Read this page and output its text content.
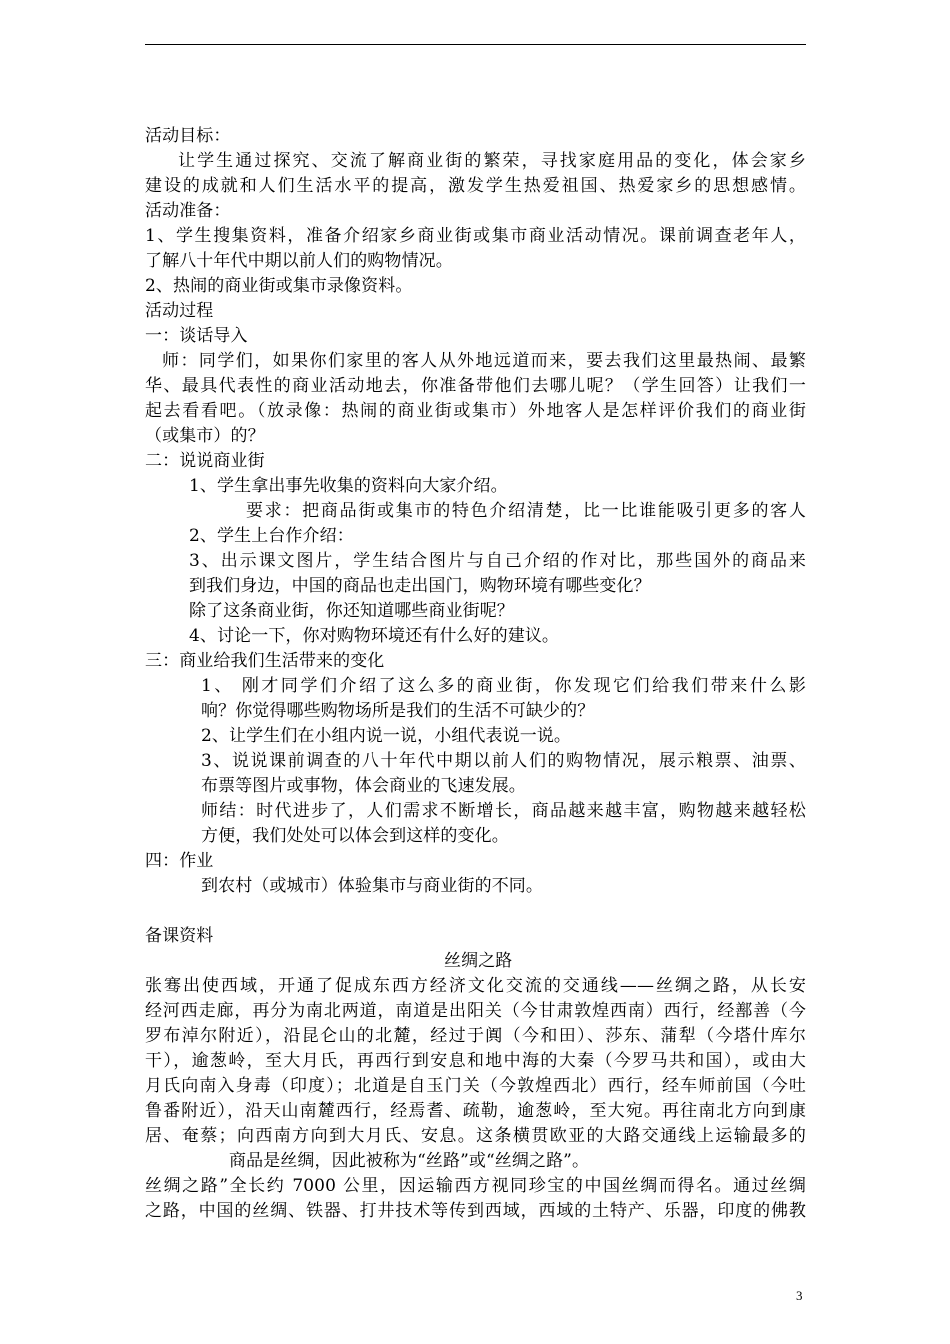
活动目标：
让学生通过探究、交流了解商业街的繁荣，寻找家庭用品的变化，体会家乡
建设的成就和人们生活水平的提高，激发学生热爱祖国、热爱家乡的思想感情。
活动准备：
1、学生搜集资料，准备介绍家乡商业街或集市商业活动情况。课前调查老年人，
了解八十年代中期以前人们的购物情况。
2、热闹的商业街或集市录像资料。
活动过程
一：谈话导入
师：同学们，如果你们家里的客人从外地远道而来，要去我们这里最热闹、最繁
华、最具代表性的商业活动地去，你准备带他们去哪儿呢？（学生回答）让我们一
起去看看吧。（放录像：热闹的商业街或集市）外地客人是怎样评价我们的商业街
（或集市）的？
二：说说商业街
1、学生拿出事先收集的资料向大家介绍。
要求：把商品街或集市的特色介绍清楚，比一比谁能吸引更多的客人
2、学生上台作介绍：
3、出示课文图片，学生结合图片与自己介绍的作对比，那些国外的商品来
到我们身边，中国的商品也走出国门，购物环境有哪些变化？
除了这条商业街，你还知道哪些商业街呢？
4、讨论一下，你对购物环境还有什么好的建议。
三：商业给我们生活带来的变化
1、 刚才同学们介绍了这么多的商业街，你发现它们给我们带来什么影
响？你觉得哪些购物场所是我们的生活不可缺少的？
2、让学生们在小组内说一说，小组代表说一说。
3、说说课前调查的八十年代中期以前人们的购物情况，展示粮票、油票、
布票等图片或事物，体会商业的飞速发展。
师结：时代进步了，人们需求不断增长，商品越来越丰富，购物越来越轻松
方便，我们处处可以体会到这样的变化。
四：作业
到农村（或城市）体验集市与商业街的不同。
备课资料
丝绸之路
张骞出使西域，开通了促成东西方经济文化交流的交通线——丝绸之路，从长安
经河西走廊，再分为南北两道，南道是出阳关（今甘肃敦煌西南）西行，经鄯善（今
罗布淖尔附近），沿昆仑山的北麓，经过于阗（今和田）、莎东、蒲犁（今塔什库尔
干），逾葱岭，至大月氏，再西行到安息和地中海的大秦（今罗马共和国），或由大
月氏向南入身毒（印度）；北道是自玉门关（今敦煌西北）西行，经车师前国（今吐
鲁番附近），沿天山南麓西行，经焉耆、疏勒，逾葱岭，至大宛。再往南北方向到康
居、奄蔡；向西南方向到大月氏、安息。这条横贯欧亚的大路交通线上运输最多的
商品是丝绸，因此被称为“丝路”或“丝绸之路”。
丝绸之路”全长约 7000 公里，因运输西方视同珍宝的中国丝绸而得名。通过丝绸
之路，中国的丝绸、铁器、打井技术等传到西域，西域的土特产、乐器，印度的佛教
3
